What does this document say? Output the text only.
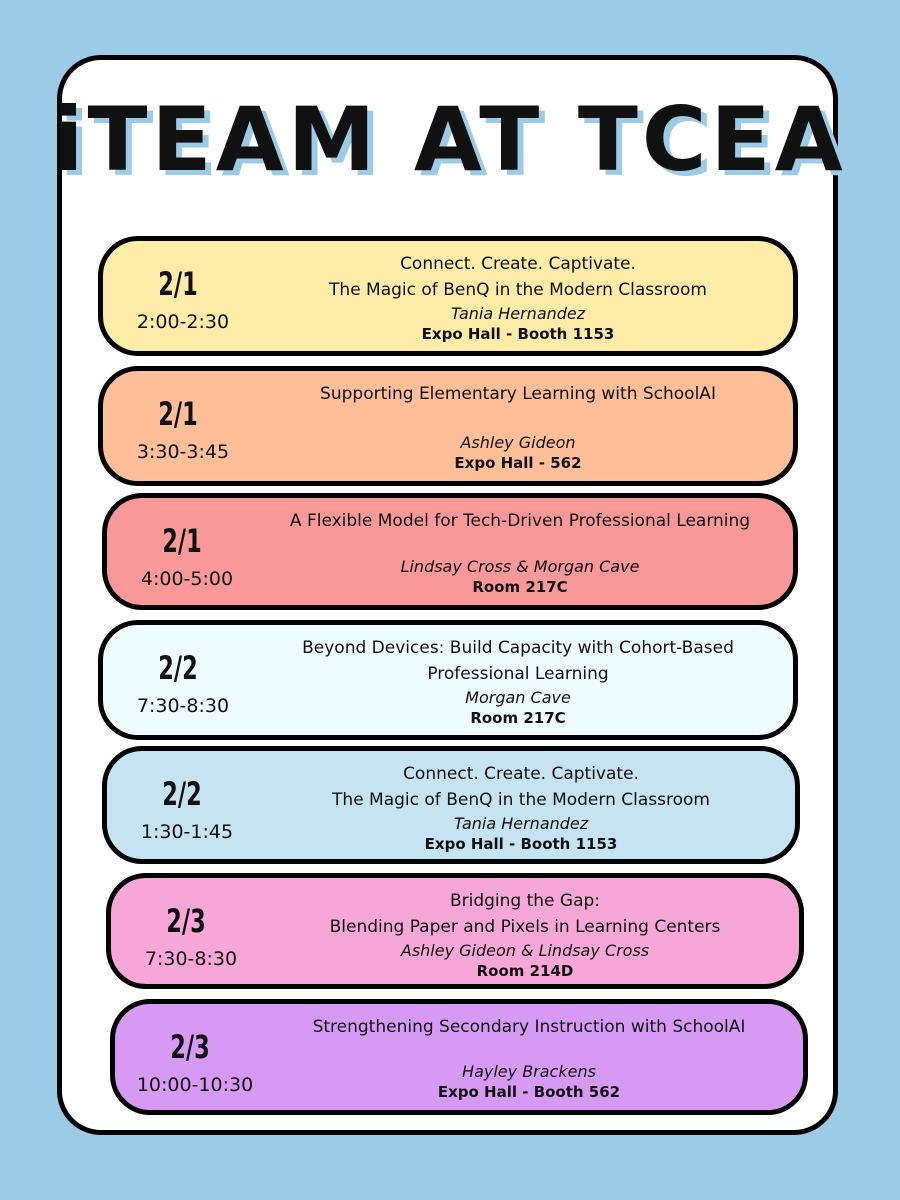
iTEAM AT TCEA
2/1
2:00-2:30
Connect. Create. Captivate.
The Magic of BenQ in the Modern Classroom
Tania Hernandez
Expo Hall - Booth 1153
2/1
3:30-3:45
Supporting Elementary Learning with SchoolAI
Ashley Gideon
Expo Hall - 562
2/1
4:00-5:00
A Flexible Model for Tech-Driven Professional Learning
Lindsay Cross & Morgan Cave
Room 217C
2/2
7:30-8:30
Beyond Devices: Build Capacity with Cohort-Based
Professional Learning
Morgan Cave
Room 217C
2/2
1:30-1:45
Connect. Create. Captivate.
The Magic of BenQ in the Modern Classroom
Tania Hernandez
Expo Hall - Booth 1153
2/3
7:30-8:30
Bridging the Gap:
Blending Paper and Pixels in Learning Centers
Ashley Gideon & Lindsay Cross
Room 214D
2/3
10:00-10:30
Strengthening Secondary Instruction with SchoolAI
Hayley Brackens
Expo Hall - Booth 562
